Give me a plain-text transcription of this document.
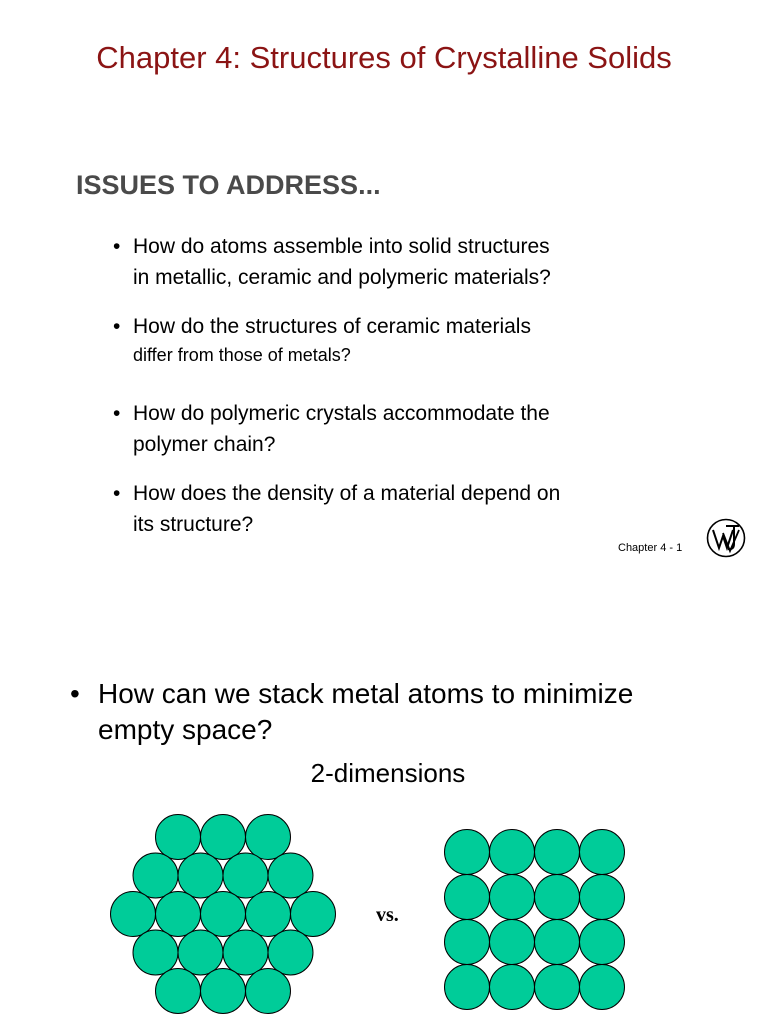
Chapter 4: Structures of Crystalline Solids
ISSUES TO ADDRESS...
• How do atoms assemble into solid structures
in metallic, ceramic and polymeric materials?
• How do the structures of ceramic materials
differ from those of metals?
• How do polymeric crystals accommodate the
polymer chain?
• How does the density of a material depend on
its structure?
Chapter 4 - 1
• How can we stack metal atoms to minimize
empty space?
2-dimensions
vs.
